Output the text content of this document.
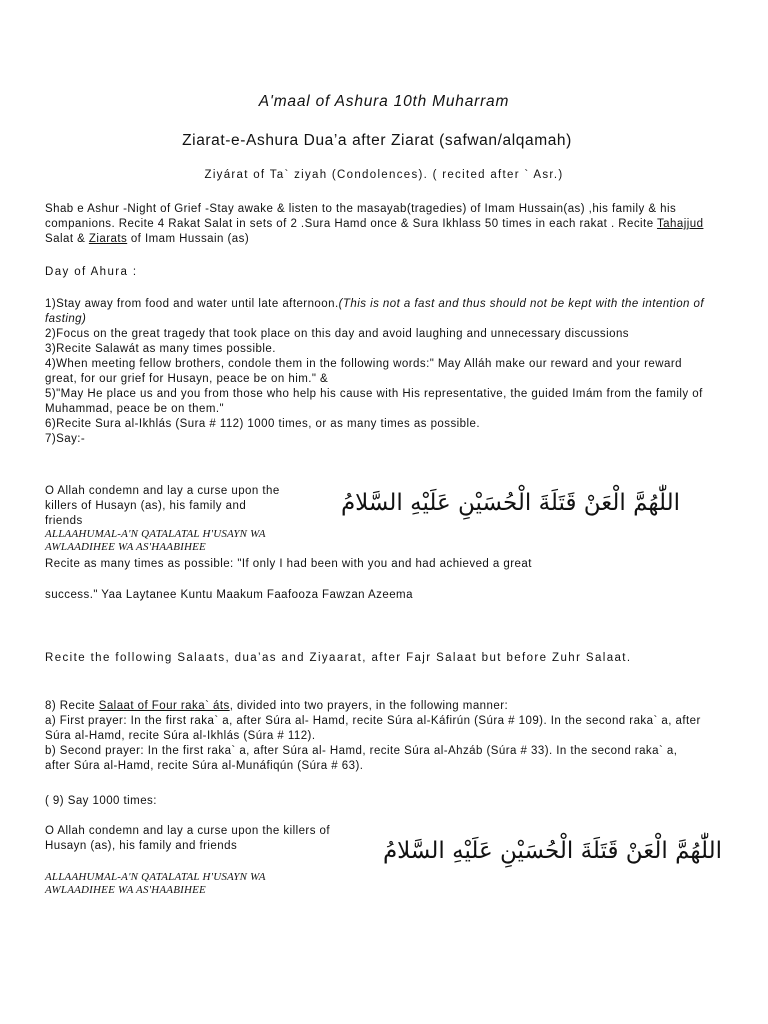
A'maal of Ashura 10th Muharram
Ziarat-e-Ashura Dua’a after Ziarat (safwan/alqamah)
Ziyárat of Ta` ziyah (Condolences). ( recited after ` Asr.)
Shab e Ashur -Night of Grief -Stay awake & listen to the masayab(tragedies) of Imam Hussain(as) ,his family & his companions. Recite 4 Rakat Salat in sets of 2 .Sura Hamd once & Sura Ikhlass 50 times in each rakat . Recite Tahajjud Salat & Ziarats of Imam Hussain (as)
Day of Ahura :
1)Stay away from food and water until late afternoon.(This is not a fast and thus should not be kept with the intention of fasting)
2)Focus on the great tragedy that took place on this day and avoid laughing and unnecessary discussions
3)Recite Salawát as many times possible.
4)When meeting fellow brothers, condole them in the following words:" May Alláh make our reward and your reward great, for our grief for Husayn, peace be on him." &
5)"May He place us and you from those who help his cause with His representative, the guided Imám from the family of Muhammad, peace be on them."
6)Recite Sura al-Ikhlás (Sura # 112) 1000 times, or as many times as possible.
7)Say:-
O Allah condemn and lay a curse upon the killers of Husayn (as), his family and friends
ALLAAHUMAL-A'N QATALATAL H'USAYN WA AWLAADIHEE WA AS'HAABIHEE
اللّٰهُمَّ الْعَنْ قَتَلَةَ الْحُسَيْنِ عَلَيْهِ السَّلامُ
Recite as many times as possible: "If only I had been with you and had achieved a great
success." Yaa Laytanee Kuntu Maakum Faafooza Fawzan Azeema
Recite the following Salaats, dua’as and Ziyaarat, after Fajr Salaat but before Zuhr Salaat.
8) Recite Salaat of Four raka` áts, divided into two prayers, in the following manner:
a) First prayer: In the first raka` a, after Súra al- Hamd, recite Súra al-Káfirún (Súra # 109). In the second raka` a, after Súra al-Hamd, recite Súra al-Ikhlás (Súra # 112).
b) Second prayer: In the first raka` a, after Súra al- Hamd, recite Súra al-Ahzáb (Súra # 33). In the second raka` a, after Súra al-Hamd, recite Súra al-Munáfiqún (Súra # 63).
( 9) Say 1000 times:
O Allah condemn and lay a curse upon the killers of Husayn (as), his family and friends
ALLAAHUMAL-A'N QATALATAL H'USAYN WA AWLAADIHEE WA AS'HAABIHEE
اللّٰهُمَّ الْعَنْ قَتَلَةَ الْحُسَيْنِ عَلَيْهِ السَّلامُ
